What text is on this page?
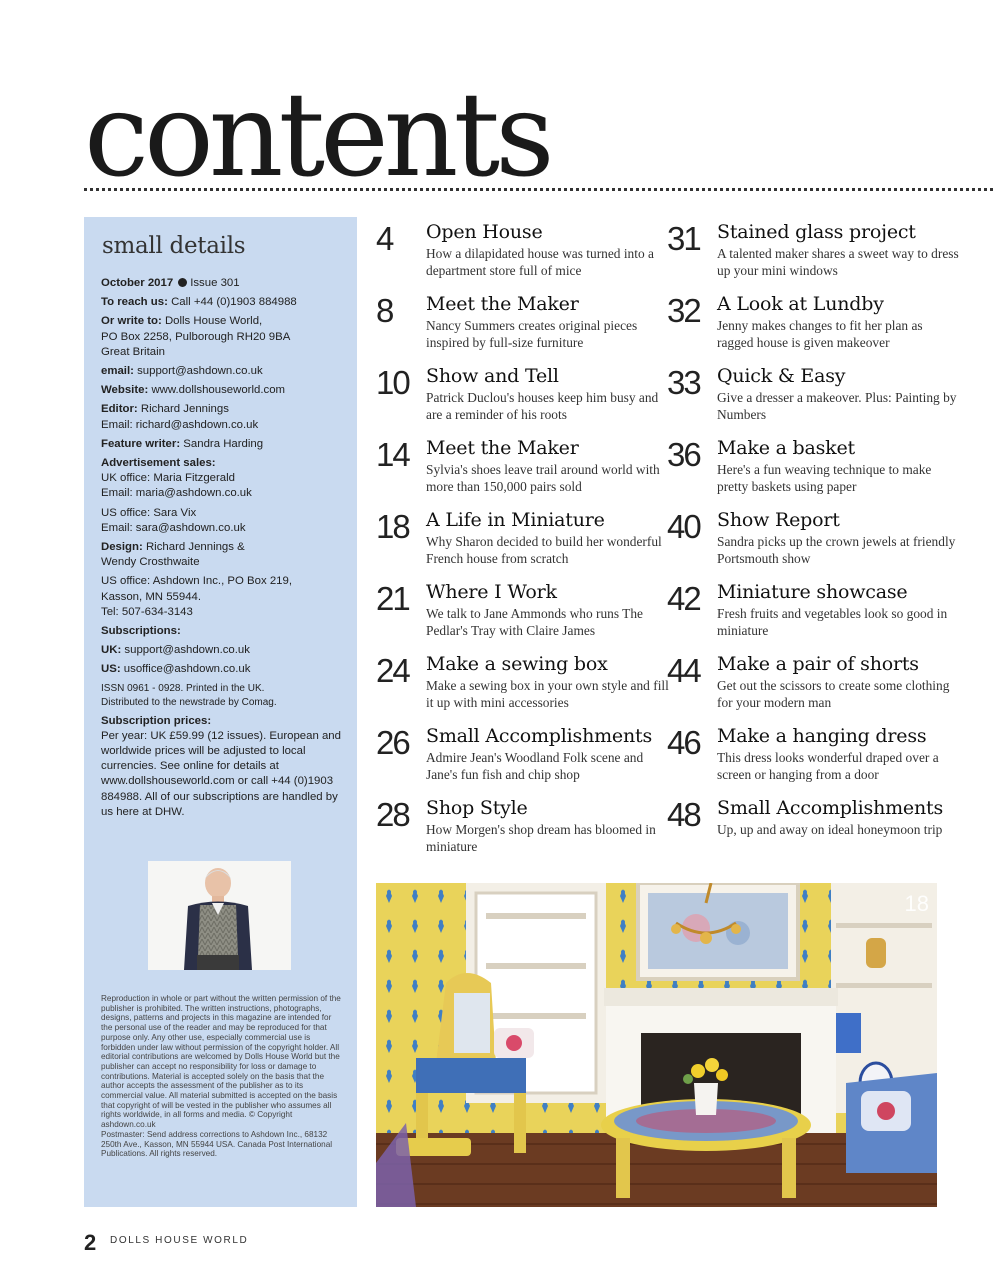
contents
small details

October 2017 Issue 301

To reach us: Call +44 (0)1903 884988

Or write to: Dolls House World,
PO Box 2258, Pulborough RH20 9BA
Great Britain

email: support@ashdown.co.uk

Website: www.dollshouseworld.com

Editor: Richard Jennings
Email: richard@ashdown.co.uk

Feature writer: Sandra Harding

Advertisement sales:
UK office: Maria Fitzgerald
Email: maria@ashdown.co.uk

US office: Sara Vix
Email: sara@ashdown.co.uk

Design: Richard Jennings &
Wendy Crosthwaite

US office: Ashdown Inc., PO Box 219,
Kasson, MN 55944.
Tel: 507-634-3143

Subscriptions:

UK: support@ashdown.co.uk

US: usoffice@ashdown.co.uk

ISSN 0961 - 0928. Printed in the UK.
Distributed to the newstrade by Comag.

Subscription prices:
Per year: UK £59.99 (12 issues). European and worldwide prices will be adjusted to local currencies. See online for details at www.dollshouseworld.com or call +44 (0)1903 884988. All of our subscriptions are handled by us here at DHW.

Reproduction in whole or part without the written permission of the publisher is prohibited. The written instructions, photographs, designs, patterns and projects in this magazine are intended for the personal use of the reader and may be reproduced for that purpose only. Any other use, especially commercial use is forbidden under law without permission of the copyright holder. All editorial contributions are welcomed by Dolls House World but the publisher can accept no responsibility for loss or damage to contributions. Material is accepted solely on the basis that the author accepts the assessment of the publisher as to its commercial value. All material submitted is accepted on the basis that copyright of will be vested in the publisher who assumes all rights worldwide, in all forms and media. © Copyright ashdown.co.uk

Postmaster: Send address corrections to Ashdown Inc., 68132 250th Ave., Kasson, MN 55944 USA. Canada Post International Publications. All rights reserved.

4	Open House
How a dilapidated house was turned into a department store full of mice
8	Meet the Maker
Nancy Summers creates original pieces inspired by full-size furniture
10 Show and Tell
Patrick Duclou's houses keep him busy and are a reminder of his roots
14 Meet the Maker
Sylvia's shoes leave trail around world with more than 150,000 pairs sold
18 A Life in Miniature
Why Sharon decided to build her wonderful French house from scratch
21 Where I Work
We talk to Jane Ammonds who runs The Pedlar's Tray with Claire James
24 Make a sewing box
Make a sewing box in your own style and fill it up with mini accessories
26 Small Accomplishments
Admire Jean's Woodland Folk scene and Jane's fun fish and chip shop
28 Shop Style
How Morgen's shop dream has bloomed in miniature
31 Stained glass project
A talented maker shares a sweet way to dress up your mini windows
32 A Look at Lundby
Jenny makes changes to fit her plan as ragged house is given makeover
33 Quick & Easy
Give a dresser a makeover. Plus: Painting by Numbers
36 Make a basket
Here's a fun weaving technique to make pretty baskets using paper
40 Show Report
Sandra picks up the crown jewels at friendly Portsmouth show
42 Miniature showcase
Fresh fruits and vegetables look so good in miniature
44 Make a pair of shorts
Get out the scissors to create some clothing for your modern man
46 Make a hanging dress
This dress looks wonderful draped over a screen or hanging from a door
48 Small Accomplishments
Up, up and away on ideal honeymoon trip
18
2 DOLLS HOUSE WORLD
